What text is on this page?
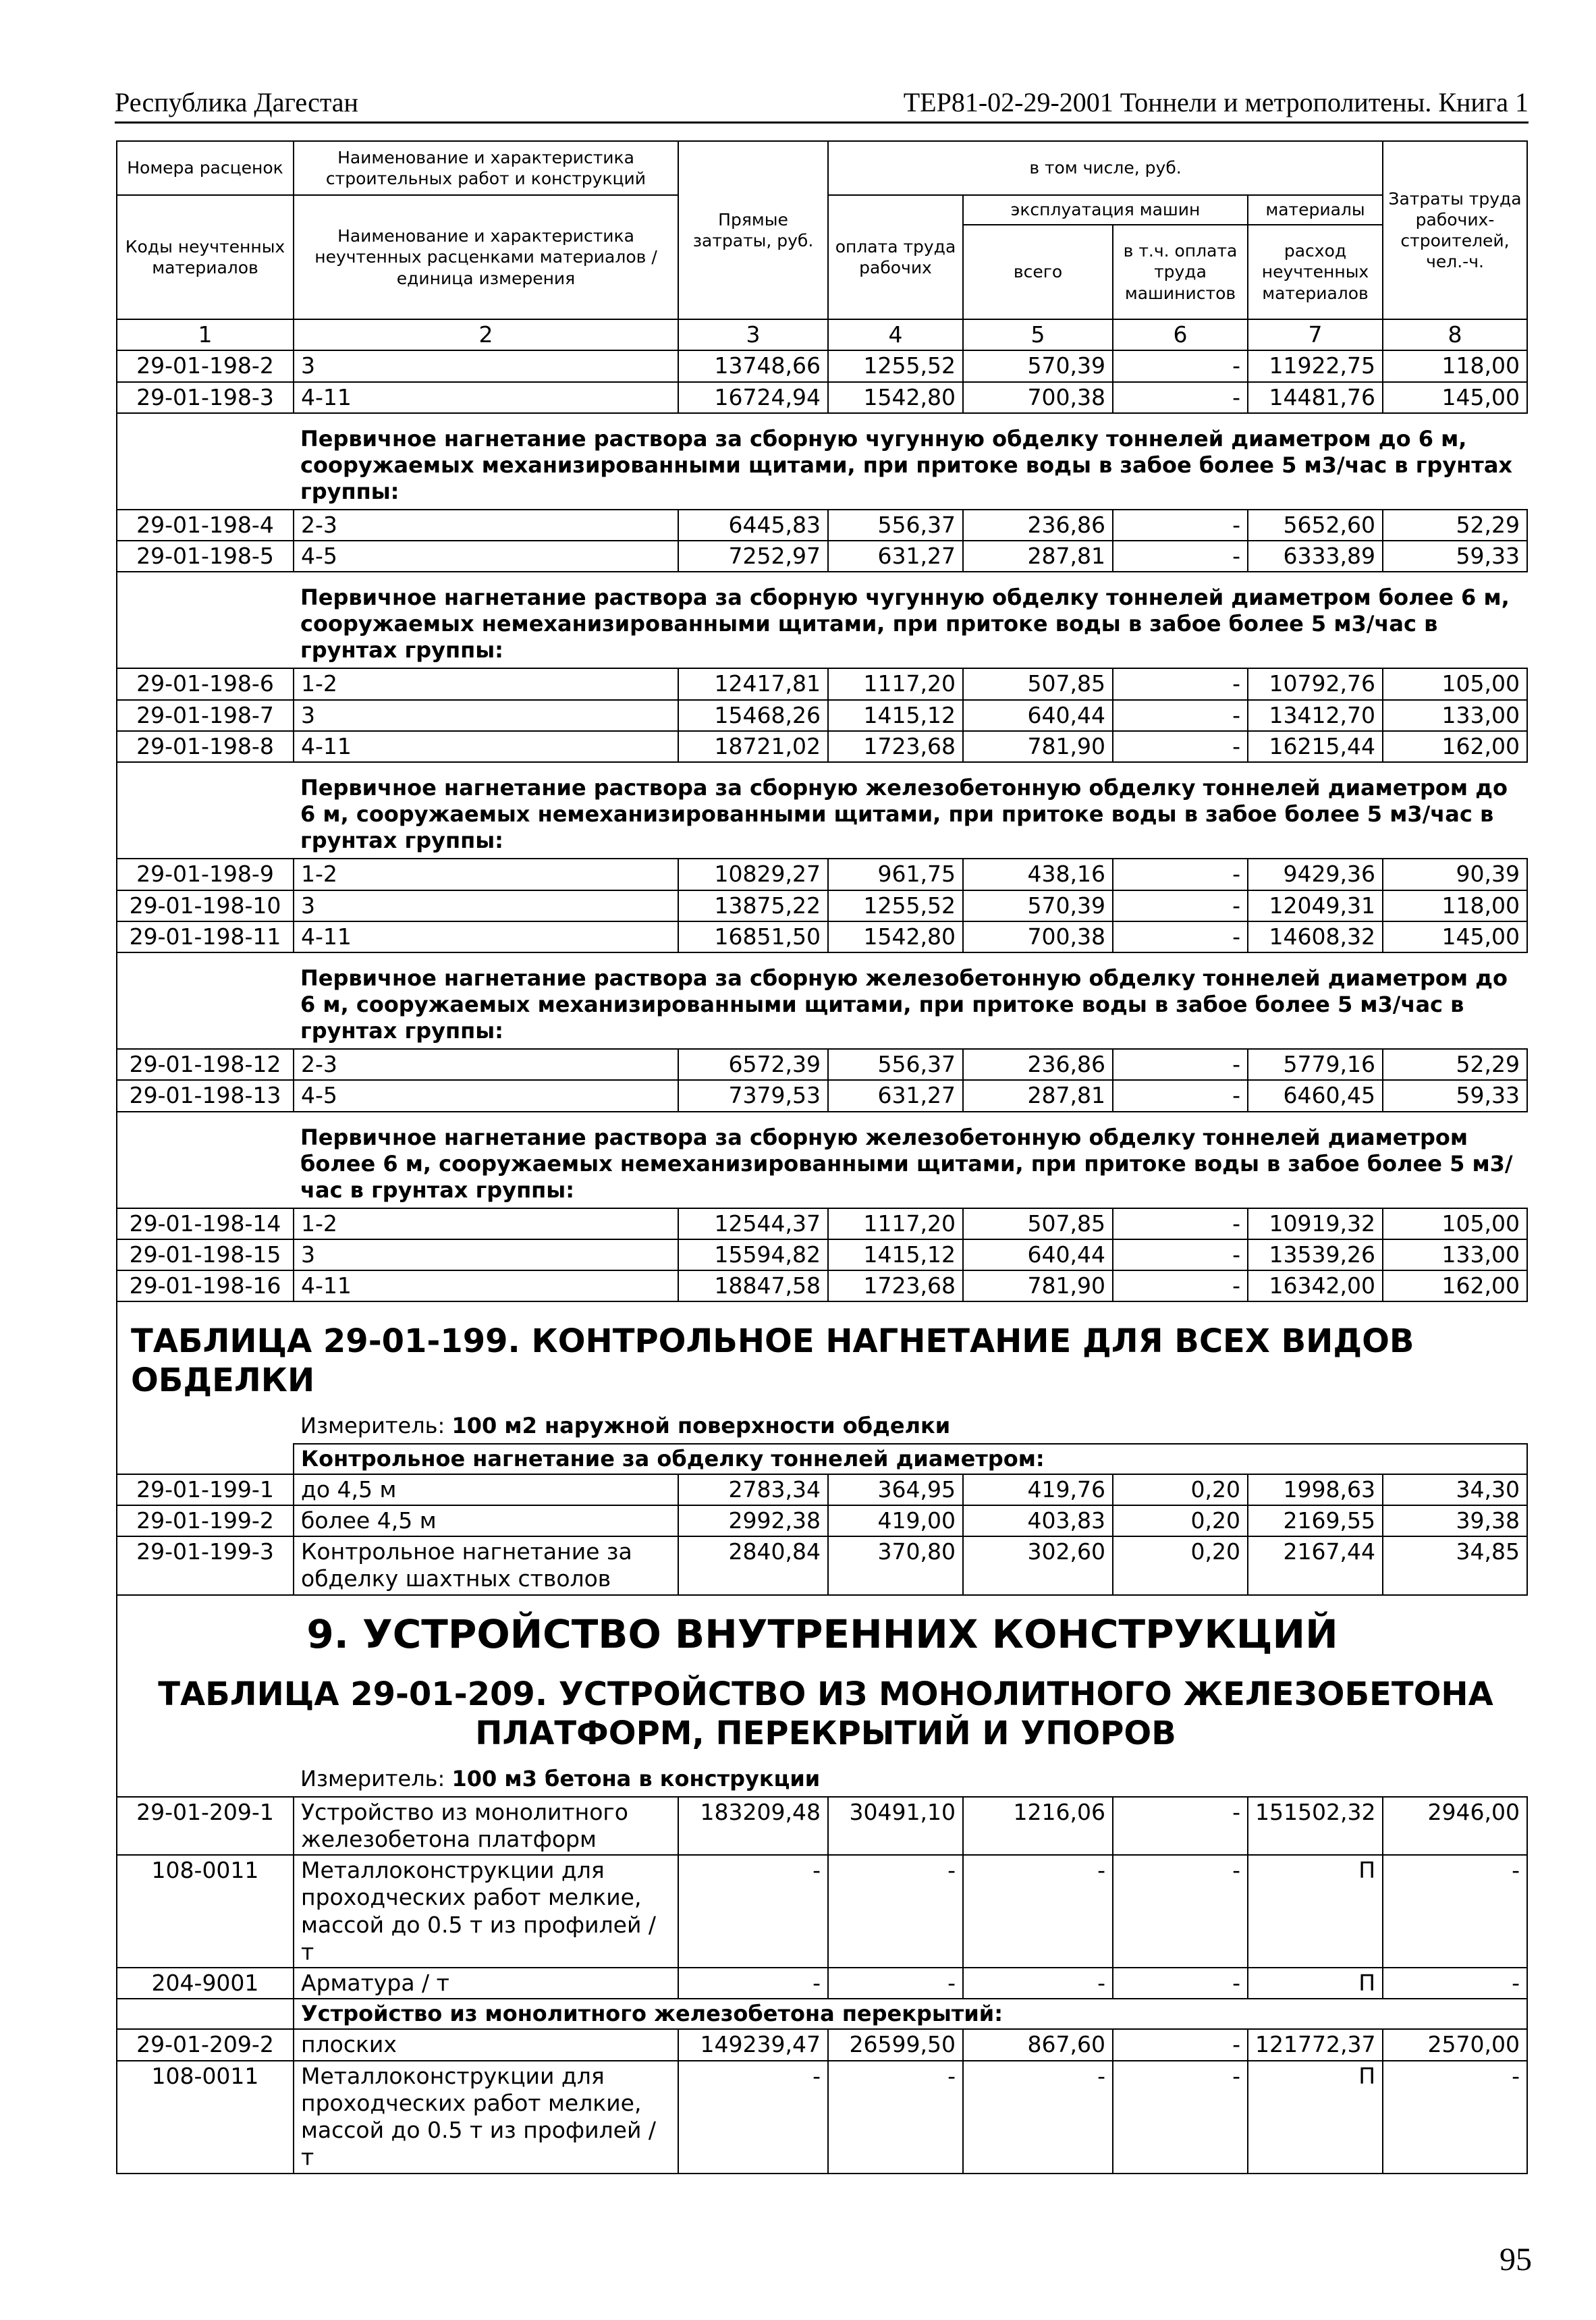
Республика Дагестан	ТЕР81-02-29-2001 Тоннели и метрополитены. Книга 1
Номера расценок	Наименование и характеристика строительных работ и конструкций	Прямые затраты, руб.	в том числе, руб.				Затраты труда рабочих-строителей, чел.-ч.
Коды неучтенных материалов	Наименование и характеристика неучтенных расценками материалов / единица измерения		оплата труда рабочих	эксплуатация машин		материалы	
				всего	в т.ч. оплата труда машинистов	расход неучтенных материалов	
1	2	3	4	5	6	7	8
29-01-198-2	3	13748,66	1255,52	570,39	-	11922,75	118,00
29-01-198-3	4-11	16724,94	1542,80	700,38	-	14481,76	145,00
	Первичное нагнетание раствора за сборную чугунную обделку тоннелей диаметром до 6 м, сооружаемых механизированными щитами, при притоке воды в забое более 5 м3/час в грунтах группы:						
29-01-198-4	2-3	6445,83	556,37	236,86	-	5652,60	52,29
29-01-198-5	4-5	7252,97	631,27	287,81	-	6333,89	59,33
	Первичное нагнетание раствора за сборную чугунную обделку тоннелей диаметром более 6 м, сооружаемых немеханизированными щитами, при притоке воды в забое более 5 м3/час в грунтах группы:						
29-01-198-6	1-2	12417,81	1117,20	507,85	-	10792,76	105,00
29-01-198-7	3	15468,26	1415,12	640,44	-	13412,70	133,00
29-01-198-8	4-11	18721,02	1723,68	781,90	-	16215,44	162,00
	Первичное нагнетание раствора за сборную железобетонную обделку тоннелей диаметром до 6 м, сооружаемых немеханизированными щитами, при притоке воды в забое более 5 м3/час в грунтах группы:						
29-01-198-9	1-2	10829,27	961,75	438,16	-	9429,36	90,39
29-01-198-10	3	13875,22	1255,52	570,39	-	12049,31	118,00
29-01-198-11	4-11	16851,50	1542,80	700,38	-	14608,32	145,00
	Первичное нагнетание раствора за сборную железобетонную обделку тоннелей диаметром до 6 м, сооружаемых механизированными щитами, при притоке воды в забое более 5 м3/час в грунтах группы:						
29-01-198-12	2-3	6572,39	556,37	236,86	-	5779,16	52,29
29-01-198-13	4-5	7379,53	631,27	287,81	-	6460,45	59,33
	Первичное нагнетание раствора за сборную железобетонную обделку тоннелей диаметром более 6 м, сооружаемых немеханизированными щитами, при притоке воды в забое более 5 м3/час в грунтах группы:						
29-01-198-14	1-2	12544,37	1117,20	507,85	-	10919,32	105,00
29-01-198-15	3	15594,82	1415,12	640,44	-	13539,26	133,00
29-01-198-16	4-11	18847,58	1723,68	781,90	-	16342,00	162,00
ТАБЛИЦА 29-01-199. КОНТРОЛЬНОЕ НАГНЕТАНИЕ ДЛЯ ВСЕХ ВИДОВ ОБДЕЛКИ							
	Измеритель: 100 м2 наружной поверхности обделки						
	Контрольное нагнетание за обделку тоннелей диаметром:						
29-01-199-1	до 4,5 м	2783,34	364,95	419,76	0,20	1998,63	34,30
29-01-199-2	более 4,5 м	2992,38	419,00	403,83	0,20	2169,55	39,38
29-01-199-3	Контрольное нагнетание за обделку шахтных стволов	2840,84	370,80	302,60	0,20	2167,44	34,85
9. УСТРОЙСТВО ВНУТРЕННИХ КОНСТРУКЦИЙ							
ТАБЛИЦА 29-01-209. УСТРОЙСТВО ИЗ МОНОЛИТНОГО ЖЕЛЕЗОБЕТОНА ПЛАТФОРМ, ПЕРЕКРЫТИЙ И УПОРОВ							
	Измеритель: 100 м3 бетона в конструкции						
29-01-209-1	Устройство из монолитного железобетона платформ	183209,48	30491,10	1216,06	-	151502,32	2946,00
108-0011	Металлоконструкции для проходческих работ мелкие, массой до 0.5 т из профилей / т	-	-	-	-	П	-
204-9001	Арматура / т	-	-	-	-	П	-
	Устройство из монолитного железобетона перекрытий:						
29-01-209-2	плоских	149239,47	26599,50	867,60	-	121772,37	2570,00
108-0011	Металлоконструкции для проходческих работ мелкие, массой до 0.5 т из профилей / т	-	-	-	-	П	-
95
